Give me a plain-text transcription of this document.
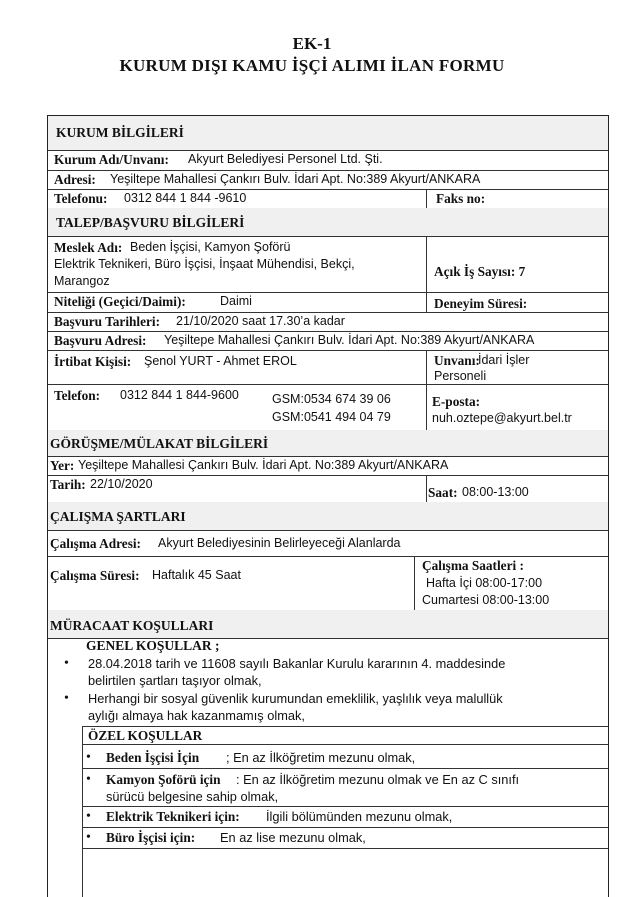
EK-1
KURUM DIŞI KAMU İŞÇİ ALIMI İLAN FORMU
KURUM BİLGİLERİ
Kurum Adı/Unvanı: Akyurt Belediyesi Personel Ltd. Şti.
Adresi: Yeşiltepe Mahallesi Çankırı Bulv. İdari Apt. No:389 Akyurt/ANKARA
Telefonu: 0312 844 1 844 -9610	Faks no:
TALEP/BAŞVURU BİLGİLERİ
Meslek Adı: Beden İşçisi, Kamyon Şoförü
Elektrik Teknikeri, Büro İşçisi, İnşaat Mühendisi, Bekçi,
Marangoz
Açık İş Sayısı: 7
Niteliği (Geçici/Daimi):	Daimi	Deneyim Süresi:
Başvuru Tarihleri: 21/10/2020 saat 17.30’a kadar
Başvuru Adresi: Yeşiltepe Mahallesi Çankırı Bulv. İdari Apt. No:389 Akyurt/ANKARA
İrtibat Kişisi: Şenol YURT - Ahmet EROL	Unvanı:
İdari İşler
Personeli
Telefon: 0312 844 1 844-9600	GSM:0534 674 39 06
GSM:0541 494 04 79
E-posta:
nuh.oztepe@akyurt.bel.tr
GÖRÜŞME/MÜLAKAT BİLGİLERİ
Yer: Yeşiltepe Mahallesi Çankırı Bulv. İdari Apt. No:389 Akyurt/ANKARA
Tarih: 22/10/2020
Saat: 08:00-13:00
ÇALIŞMA ŞARTLARI
Çalışma Adresi: Akyurt Belediyesinin Belirleyeceği Alanlarda
Çalışma Süresi: Haftalık 45 Saat
Çalışma Saatleri :
Hafta İçi 08:00-17:00
Cumartesi 08:00-13:00
MÜRACAAT KOŞULLARI
GENEL KOŞULLAR ;
• 28.04.2018 tarih ve 11608 sayılı Bakanlar Kurulu kararının 4. maddesinde
belirtilen şartları taşıyor olmak,
• Herhangi bir sosyal güvenlik kurumundan emeklilik, yaşlılık veya malullük
aylığı almaya hak kazanmamış olmak,
ÖZEL KOŞULLAR
• Beden İşçisi İçin ; En az İlköğretim mezunu olmak,
• Kamyon Şoförü için : En az İlköğretim mezunu olmak ve En az C sınıfı
sürücü belgesine sahip olmak,
• Elektrik Teknikeri için: İlgili bölümünden mezunu olmak,
• Büro İşçisi için: En az lise mezunu olmak,
